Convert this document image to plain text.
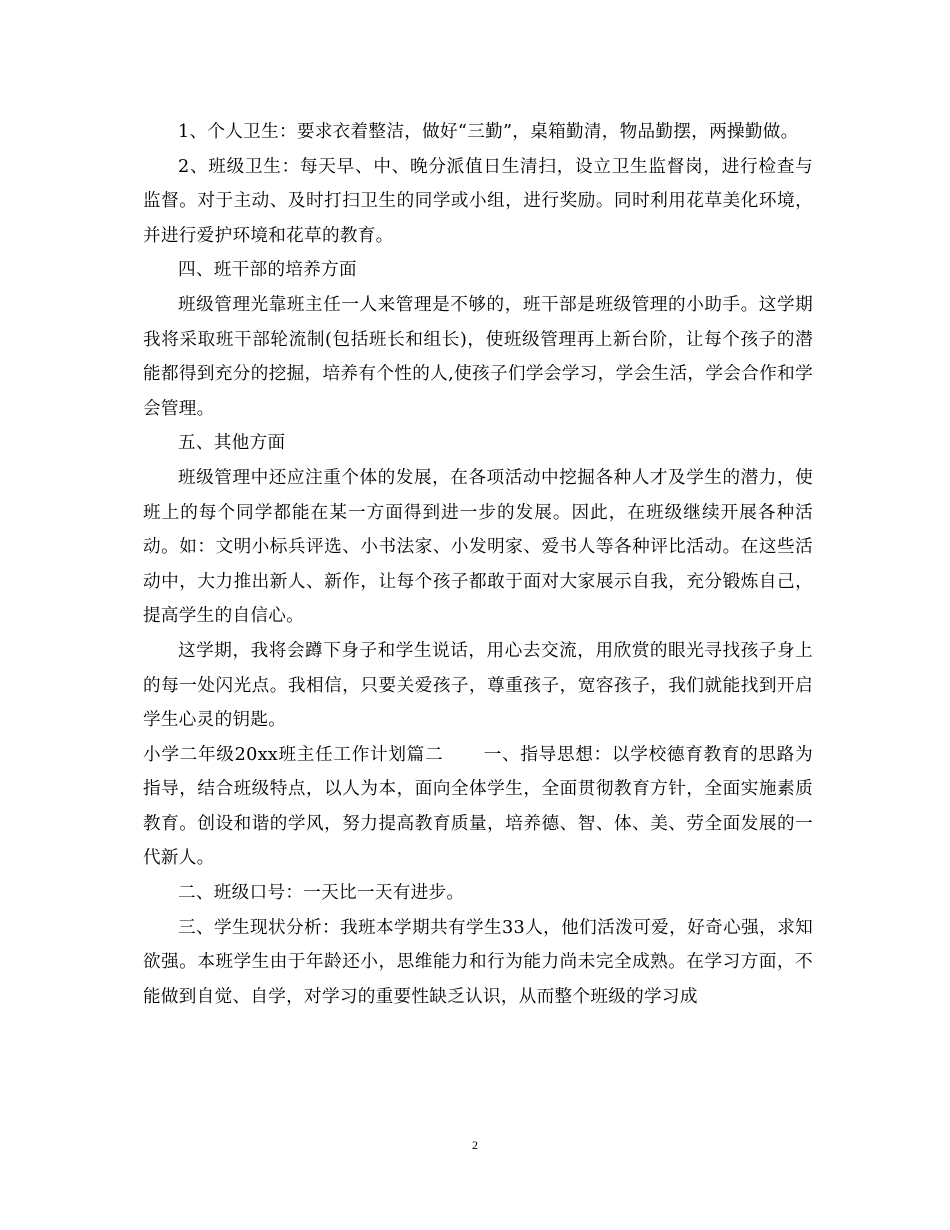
1、个人卫生：要求衣着整洁，做好“三勤”，桌箱勤清，物品勤摆，两操勤做。

2、班级卫生：每天早、中、晚分派值日生清扫，设立卫生监督岗，进行检查与监督。对于主动、及时打扫卫生的同学或小组，进行奖励。同时利用花草美化环境，并进行爱护环境和花草的教育。

四、班干部的培养方面

班级管理光靠班主任一人来管理是不够的，班干部是班级管理的小助手。这学期我将采取班干部轮流制(包括班长和组长)，使班级管理再上新台阶，让每个孩子的潜能都得到充分的挖掘，培养有个性的人,使孩子们学会学习，学会生活，学会合作和学会管理。

五、其他方面

班级管理中还应注重个体的发展，在各项活动中挖掘各种人才及学生的潜力，使班上的每个同学都能在某一方面得到进一步的发展。因此，在班级继续开展各种活动。如：文明小标兵评选、小书法家、小发明家、爱书人等各种评比活动。在这些活动中，大力推出新人、新作，让每个孩子都敢于面对大家展示自我，充分锻炼自己，提高学生的自信心。

这学期，我将会蹲下身子和学生说话，用心去交流，用欣赏的眼光寻找孩子身上的每一处闪光点。我相信，只要关爱孩子，尊重孩子，宽容孩子，我们就能找到开启学生心灵的钥匙。

小学二年级20xx班主任工作计划篇二 一、指导思想：以学校德育教育的思路为指导，结合班级特点，以人为本，面向全体学生，全面贯彻教育方针，全面实施素质教育。创设和谐的学风，努力提高教育质量，培养德、智、体、美、劳全面发展的一代新人。

二、班级口号：一天比一天有进步。

三、学生现状分析：我班本学期共有学生33人，他们活泼可爱，好奇心强，求知欲强。本班学生由于年龄还小，思维能力和行为能力尚未完全成熟。在学习方面，不能做到自觉、自学，对学习的重要性缺乏认识，从而整个班级的学习成

2
